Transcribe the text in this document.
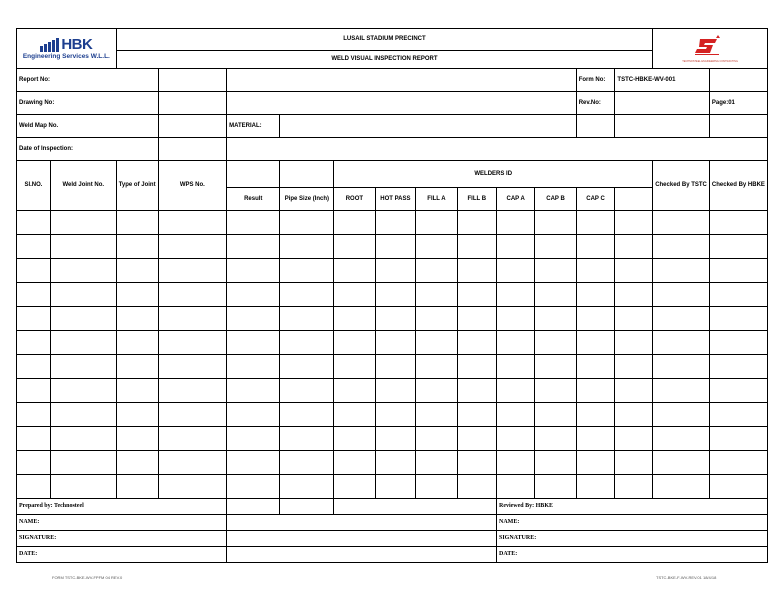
HBK
Engineering Services W.L.L.		LUSAIL STADIUM PRECINCT												TECHNOSTEEL ENGINEERING CONTRACTING	

		WELD VISUAL INSPECTION REPORT													
Report No:												Form No:	TSTC-HBKE-WV-001		
Drawing No:												Rev.No:			Page:01
Weld Map No.				MATERIAL:											
Date of Inspection:															
Sl.NO.	Weld Joint No.	Type of Joint	WPS No.			WELDERS ID								Checked By TSTC	Checked By HBKE
				Result	Pipe Size (Inch)	ROOT	HOT PASS	FILL A	FILL B	CAP A	CAP B	CAP C			

Prepared by: Technosteel										Reviewed By: HBKE					
NAME:										NAME:					
SIGNATURE:										SIGNATURE:					
DATE:										DATE:					
FORM TSTC-BKE-WV-FPFM 04 REV.0	TSTC-BKE-F-WV-REV.01 18/4/18
